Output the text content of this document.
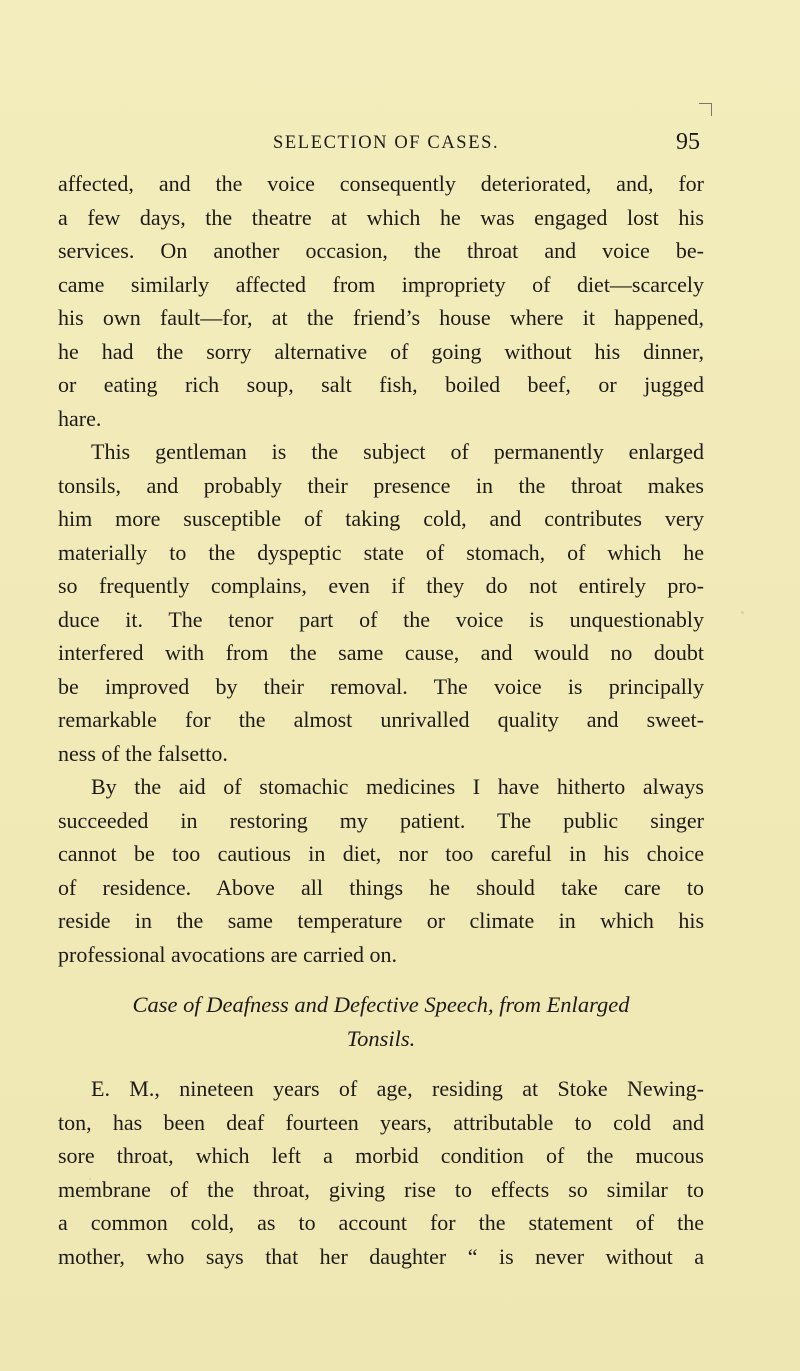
SELECTION OF CASES.	95
affected, and the voice consequently deteriorated, and, for
a few days, the theatre at which he was engaged lost his
services. On another occasion, the throat and voice be-
came similarly affected from impropriety of diet—scarcely
his own fault—for, at the friend’s house where it happened,
he had the sorry alternative of going without his dinner,
or eating rich soup, salt fish, boiled beef, or jugged
hare.
This gentleman is the subject of permanently enlarged
tonsils, and probably their presence in the throat makes
him more susceptible of taking cold, and contributes very
materially to the dyspeptic state of stomach, of which he
so frequently complains, even if they do not entirely pro-
duce it. The tenor part of the voice is unquestionably
interfered with from the same cause, and would no doubt
be improved by their removal. The voice is principally
remarkable for the almost unrivalled quality and sweet-
ness of the falsetto.
By the aid of stomachic medicines I have hitherto always
succeeded in restoring my patient. The public singer
cannot be too cautious in diet, nor too careful in his choice
of residence. Above all things he should take care to
reside in the same temperature or climate in which his
professional avocations are carried on.
Case of Deafness and Defective Speech, from Enlarged
Tonsils.
E. M., nineteen years of age, residing at Stoke Newing-
ton, has been deaf fourteen years, attributable to cold and
sore throat, which left a morbid condition of the mucous
membrane of the throat, giving rise to effects so similar to
a common cold, as to account for the statement of the
mother, who says that her daughter “ is never without a
